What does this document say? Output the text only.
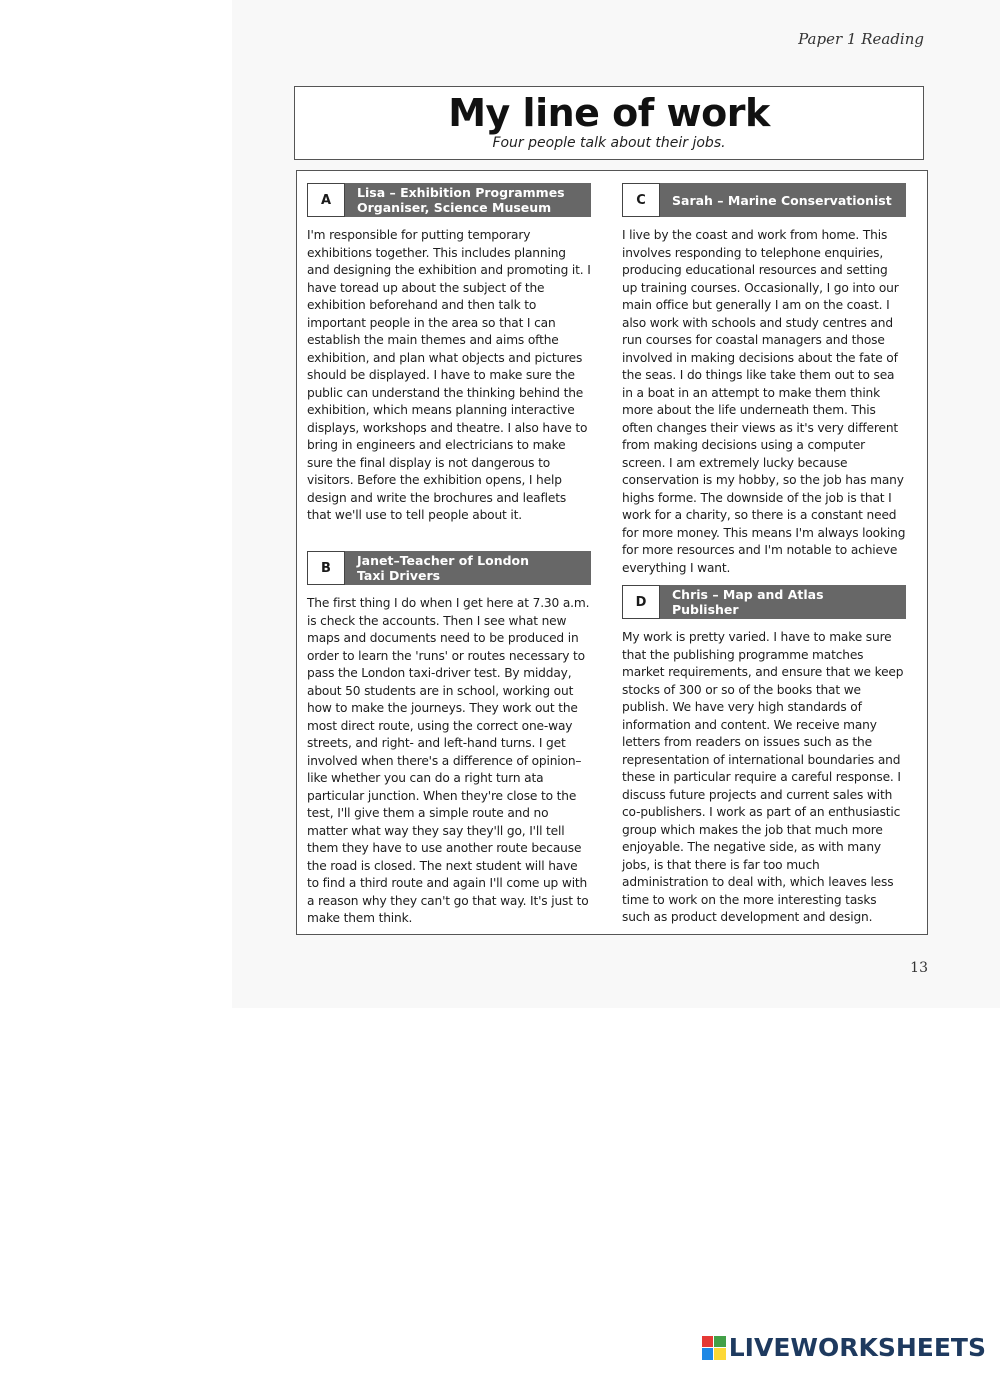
Paper 1 Reading
My line of work
Four people talk about their jobs.
A	Lisa – Exhibition Programmes
Organiser, Science Museum
I'm responsible for putting temporary exhibitions together. This includes planning and designing the exhibition and promoting it. I have toread up about the subject of the exhibition beforehand and then talk to important people in the area so that I can establish the main themes and aims ofthe exhibition, and plan what objects and pictures should be displayed. I have to make sure the public can understand the thinking behind the exhibition, which means planning interactive displays, workshops and theatre. I also have to bring in engineers and electricians to make sure the final display is not dangerous to visitors. Before the exhibition opens, I help design and write the brochures and leaflets that we'll use to tell people about it.
B	Janet–Teacher of London
Taxi Drivers
The first thing I do when I get here at 7.30 a.m. is check the accounts. Then I see what new maps and documents need to be produced in order to learn the 'runs' or routes necessary to pass the London taxi-driver test. By midday, about 50 students are in school, working out how to make the journeys. They work out the most direct route, using the correct one-way streets, and right- and left-hand turns. I get involved when there's a difference of opinion– like whether you can do a right turn ata particular junction. When they're close to the test, I'll give them a simple route and no matter what way they say they'll go, I'll tell them they have to use another route because the road is closed. The next student will have to find a third route and again I'll come up with a reason why they can't go that way. It's just to make them think.
C	Sarah – Marine Conservationist
I live by the coast and work from home. This involves responding to telephone enquiries, producing educational resources and setting up training courses. Occasionally, I go into our main office but generally I am on the coast. I also work with schools and study centres and run courses for coastal managers and those involved in making decisions about the fate of the seas. I do things like take them out to sea in a boat in an attempt to make them think more about the life underneath them. This often changes their views as it's very different from making decisions using a computer screen. I am extremely lucky because conservation is my hobby, so the job has many highs forme. The downside of the job is that I work for a charity, so there is a constant need for more money. This means I'm always looking for more resources and I'm notable to achieve everything I want.
D	Chris – Map and Atlas Publisher
My work is pretty varied. I have to make sure that the publishing programme matches market requirements, and ensure that we keep stocks of 300 or so of the books that we publish. We have very high standards of information and content. We receive many letters from readers on issues such as the representation of international boundaries and these in particular require a careful response. I discuss future projects and current sales with co-publishers. I work as part of an enthusiastic group which makes the job that much more enjoyable. The negative side, as with many jobs, is that there is far too much administration to deal with, which leaves less time to work on the more interesting tasks such as product development and design.
13
LIVEWORKSHEETS
